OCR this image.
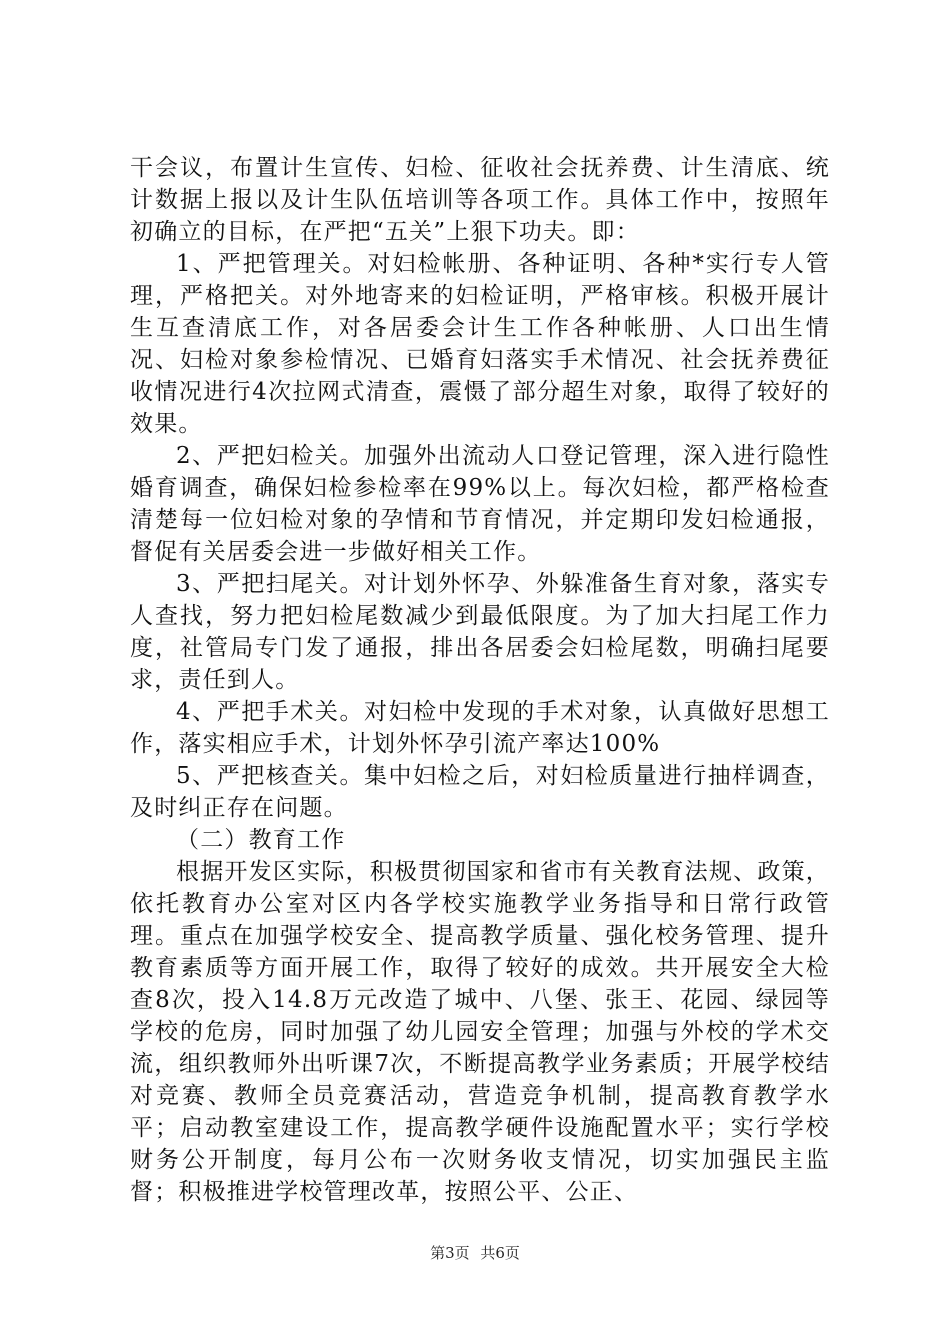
干会议，布置计生宣传、妇检、征收社会抚养费、计生清底、统计数据上报以及计生队伍培训等各项工作。具体工作中，按照年初确立的目标，在严把“五关”上狠下功夫。即：

1、严把管理关。对妇检帐册、各种证明、各种*实行专人管理，严格把关。对外地寄来的妇检证明，严格审核。积极开展计生互查清底工作，对各居委会计生工作各种帐册、人口出生情况、妇检对象参检情况、已婚育妇落实手术情况、社会抚养费征收情况进行4次拉网式清查，震慑了部分超生对象，取得了较好的效果。

2、严把妇检关。加强外出流动人口登记管理，深入进行隐性婚育调查，确保妇检参检率在99%以上。每次妇检，都严格检查清楚每一位妇检对象的孕情和节育情况，并定期印发妇检通报，督促有关居委会进一步做好相关工作。

3、严把扫尾关。对计划外怀孕、外躲准备生育对象，落实专人查找，努力把妇检尾数减少到最低限度。为了加大扫尾工作力度，社管局专门发了通报，排出各居委会妇检尾数，明确扫尾要求，责任到人。

4、严把手术关。对妇检中发现的手术对象，认真做好思想工作，落实相应手术，计划外怀孕引流产率达100%

5、严把核查关。集中妇检之后，对妇检质量进行抽样调查，及时纠正存在问题。

（二）教育工作

根据开发区实际，积极贯彻国家和省市有关教育法规、政策，依托教育办公室对区内各学校实施教学业务指导和日常行政管理。重点在加强学校安全、提高教学质量、强化校务管理、提升教育素质等方面开展工作，取得了较好的成效。共开展安全大检查8次，投入14.8万元改造了城中、八堡、张王、花园、绿园等学校的危房，同时加强了幼儿园安全管理；加强与外校的学术交流，组织教师外出听课7次，不断提高教学业务素质；开展学校结对竞赛、教师全员竞赛活动，营造竞争机制，提高教育教学水平；启动教室建设工作，提高教学硬件设施配置水平；实行学校财务公开制度，每月公布一次财务收支情况，切实加强民主监督；积极推进学校管理改革，按照公平、公正、

第3页 共6页
